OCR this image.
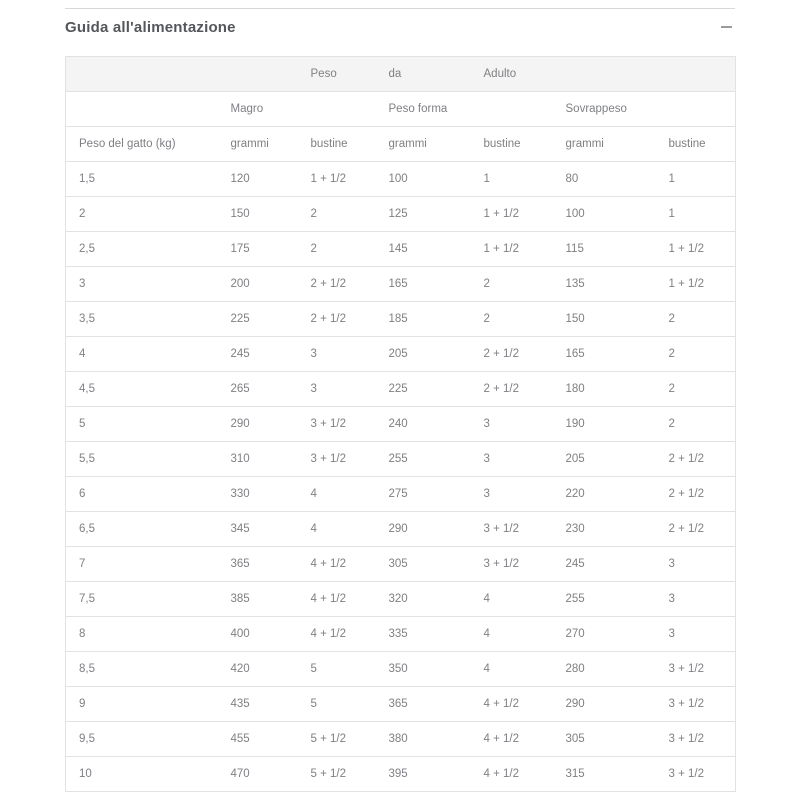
Guida all'alimentazione
		Peso	da	Adulto		
	Magro		Peso forma		Sovrappeso	
Peso del gatto (kg)	grammi	bustine	grammi	bustine	grammi	bustine
1,5	120	1 + 1/2	100	1	80	1
2	150	2	125	1 + 1/2	100	1
2,5	175	2	145	1 + 1/2	115	1 + 1/2
3	200	2 + 1/2	165	2	135	1 + 1/2
3,5	225	2 + 1/2	185	2	150	2
4	245	3	205	2 + 1/2	165	2
4,5	265	3	225	2 + 1/2	180	2
5	290	3 + 1/2	240	3	190	2
5,5	310	3 + 1/2	255	3	205	2 + 1/2
6	330	4	275	3	220	2 + 1/2
6,5	345	4	290	3 + 1/2	230	2 + 1/2
7	365	4 + 1/2	305	3 + 1/2	245	3
7,5	385	4 + 1/2	320	4	255	3
8	400	4 + 1/2	335	4	270	3
8,5	420	5	350	4	280	3 + 1/2
9	435	5	365	4 + 1/2	290	3 + 1/2
9,5	455	5 + 1/2	380	4 + 1/2	305	3 + 1/2
10	470	5 + 1/2	395	4 + 1/2	315	3 + 1/2
